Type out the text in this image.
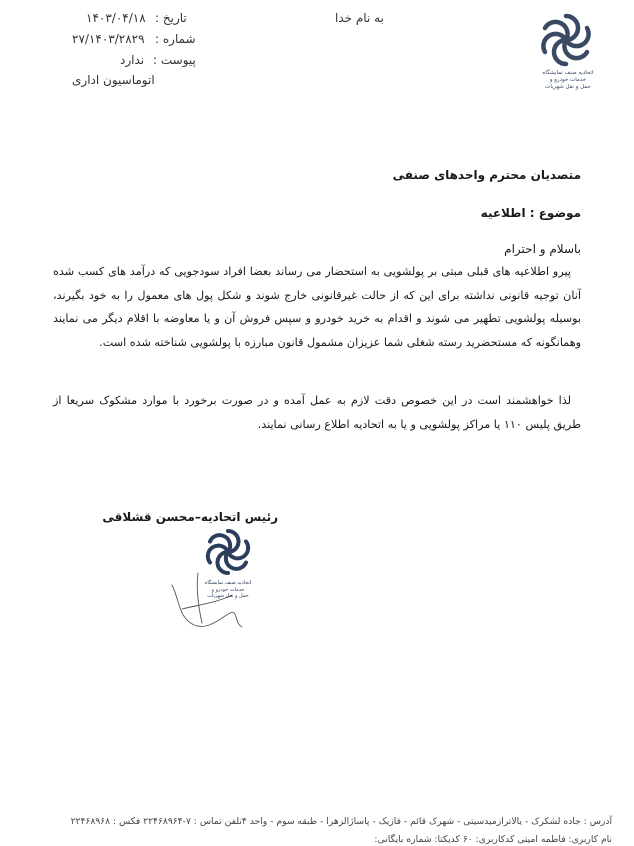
به نام خدا
تاریخ :
۱۴۰۳/۰۴/۱۸
شماره :
۲۷/۱۴۰۳/۲۸۲۹
پیوست :
ندارد
اتوماسیون اداری	اتحادیه صنف نمایشگاه
خدمات خودرو و
حمل و نقل شهریات
متصدیان محترم واحدهای صنفی
موضوع : اطلاعیه
باسلام و احترام
پیرو اطلاعیه های قبلی مبتی بر پولشویی به استحضار می رساند بعضا افراد سودجویی که درآمد های کسب شده آنان توجیه قانونی نداشته برای این که از حالت غیرقانونی خارج شوند و شکل پول های معمول را به خود بگیرند، بوسیله پولشویی تطهیر می شوند و اقدام به خرید خودرو و سپس فروش آن و یا معاوضه با اقلام دیگر می نمایند وهمانگونه که مستحضرید رسته شغلی شما عزیزان مشمول قانون مبارزه با پولشویی شناخته شده است.
لذا خواهشمند است در این خصوص دقت لازم به عمل آمده و در صورت برخورد با موارد مشکوک سریعا از طریق پلیس ۱۱۰ یا مراکز پولشویی و یا به اتحادیه اطلاع رسانی نمایند.
رئیس اتحادیه–محسن قشلاقی
اتحادیه صنف نمایشگاه
خدمات خودرو و
حمل و نقل شهریات
آدرس : جاده لشکرک - یالاترازمیدسیتی - شهرک قائم - فازیک - پاساژالزهرا - طبقه سوم - واحد ۴تلفن تماس : ۷-۲۲۴۶۸۹۶۴ فکس : ۲۲۴۶۸۹۶۸
نام کاربری: فاطمه امیتی کدکاربری: ۶۰ کدیکتا: شماره بایگانی:
